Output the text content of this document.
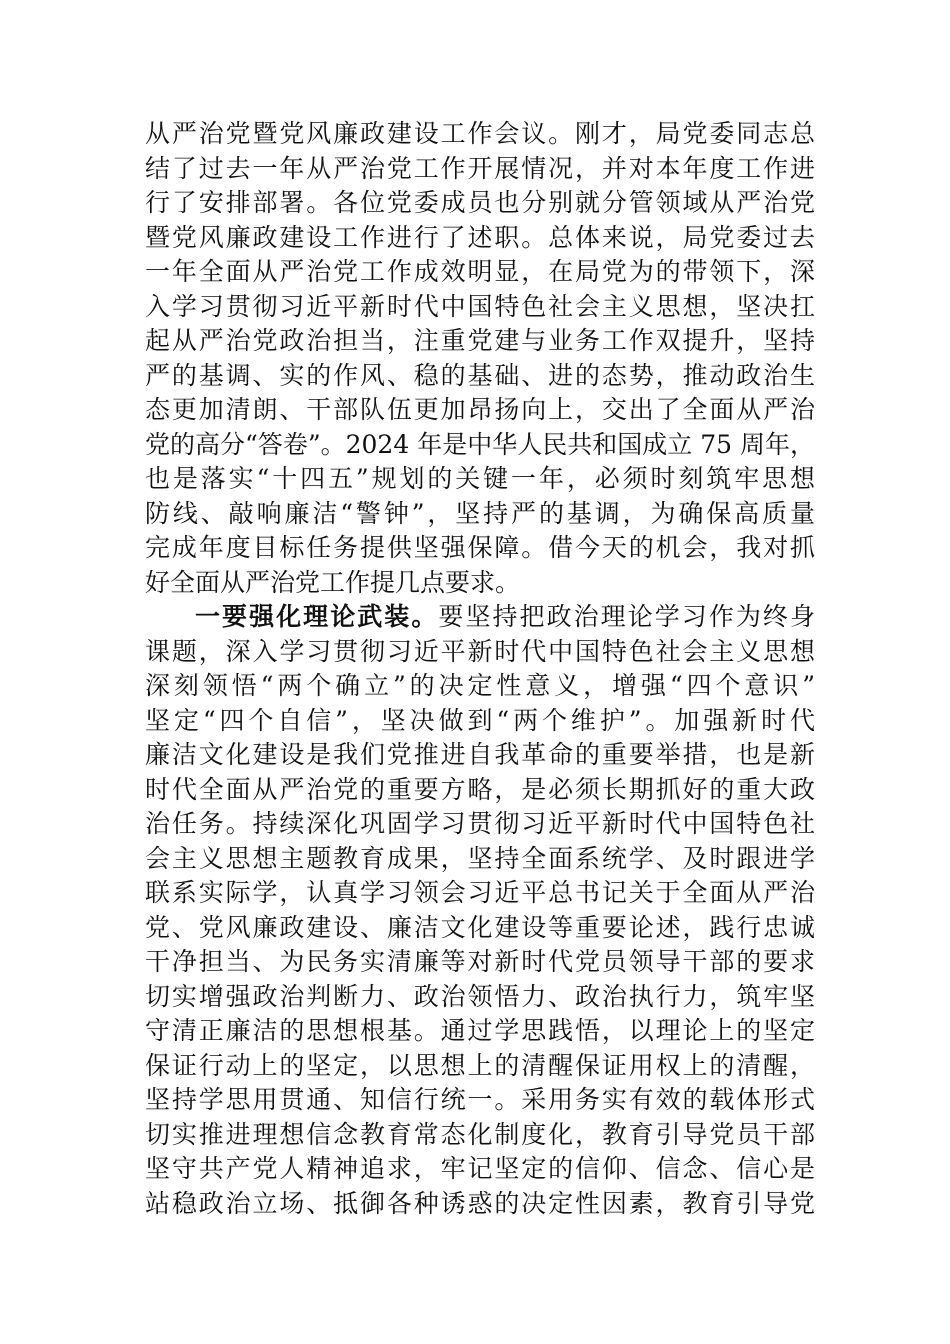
从严治党暨党风廉政建设工作会议。刚才，局党委同志总
结了过去一年从严治党工作开展情况，并对本年度工作进
行了安排部署。各位党委成员也分别就分管领域从严治党
暨党风廉政建设工作进行了述职。总体来说，局党委过去
一年全面从严治党工作成效明显，在局党为的带领下，深
入学习贯彻习近平新时代中国特色社会主义思想，坚决扛
起从严治党政治担当，注重党建与业务工作双提升，坚持
严的基调、实的作风、稳的基础、进的态势，推动政治生
态更加清朗、干部队伍更加昂扬向上，交出了全面从严治
党的高分“答卷”。2024 年是中华人民共和国成立 75 周年，
也是落实“十四五”规划的关键一年，必须时刻筑牢思想
防线、敲响廉洁“警钟”，坚持严的基调，为确保高质量
完成年度目标任务提供坚强保障。借今天的机会，我对抓
好全面从严治党工作提几点要求。
一要强化理论武装。要坚持把政治理论学习作为终身
课题，深入学习贯彻习近平新时代中国特色社会主义思想
深刻领悟“两个确立”的决定性意义，增强“四个意识”
坚定“四个自信”，坚决做到“两个维护”。加强新时代
廉洁文化建设是我们党推进自我革命的重要举措，也是新
时代全面从严治党的重要方略，是必须长期抓好的重大政
治任务。持续深化巩固学习贯彻习近平新时代中国特色社
会主义思想主题教育成果，坚持全面系统学、及时跟进学
联系实际学，认真学习领会习近平总书记关于全面从严治
党、党风廉政建设、廉洁文化建设等重要论述，践行忠诚
干净担当、为民务实清廉等对新时代党员领导干部的要求
切实增强政治判断力、政治领悟力、政治执行力，筑牢坚
守清正廉洁的思想根基。通过学思践悟，以理论上的坚定
保证行动上的坚定，以思想上的清醒保证用权上的清醒，
坚持学思用贯通、知信行统一。采用务实有效的载体形式
切实推进理想信念教育常态化制度化，教育引导党员干部
坚守共产党人精神追求，牢记坚定的信仰、信念、信心是
站稳政治立场、抵御各种诱惑的决定性因素，教育引导党
